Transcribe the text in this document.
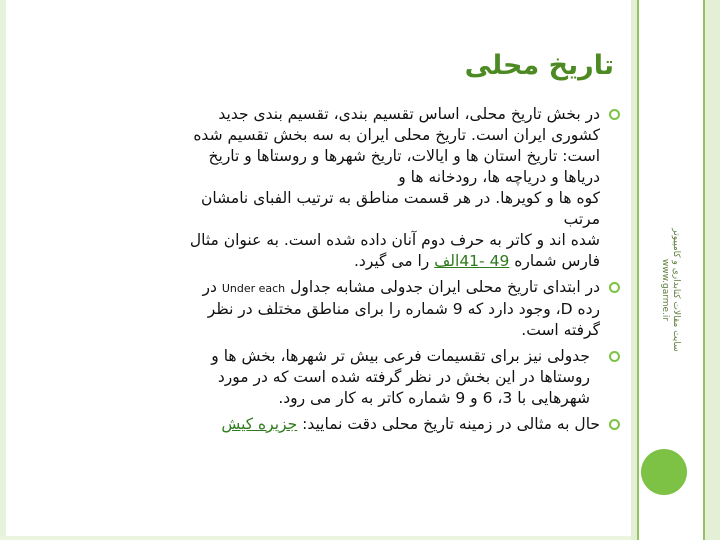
سایت مقالات کتابداری و کامپیوتر
www.garme.ir
تاریخ محلی
در بخش تاریخ محلی، اساس تقسیم بندی، تقسیم بندی جدید
کشوری ایران است. تاریخ محلی ایران به سه بخش تقسیم شده
است: تاریخ استان ها و ایالات، تاریخ شهرها و روستاها و تاریخ
دریاها و دریاچه ها، رودخانه ها و
کوه ها و کویرها. در هر قسمت مناطق به ترتیب الفبای نامشان
مرتب
شده اند و کاتر به حرف دوم آنان داده شده است. به عنوان مثال
فارس شماره 49 -41الف را می گیرد.
در ابتدای تاریخ محلی ایران جدولی مشابه جداول Under each در
رده D، وجود دارد که 9 شماره را برای مناطق مختلف در نظر
گرفته است.
جدولی نیز برای تقسیمات فرعی بیش تر شهرها، بخش ها و
روستاها در این بخش در نظر گرفته شده است که در مورد
شهرهایی با 3، 6 و 9 شماره کاتر به کار می رود.
حال به مثالی در زمینه تاریخ محلی دقت نمایید: جزیره کیش
